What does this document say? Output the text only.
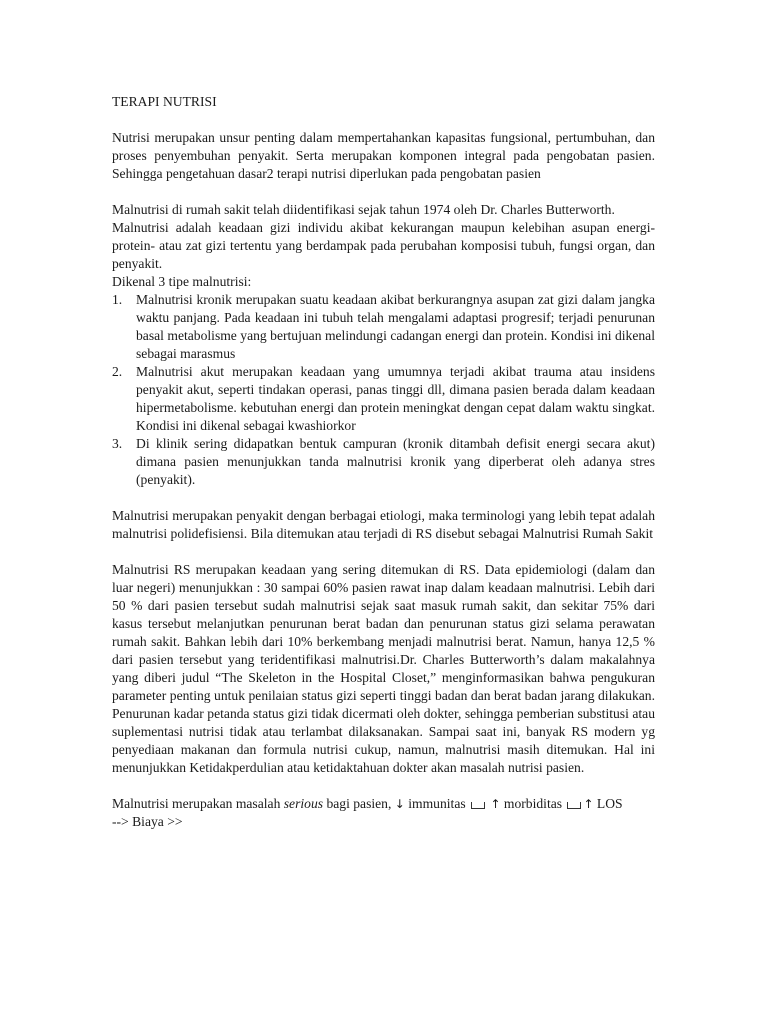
TERAPI NUTRISI

Nutrisi merupakan unsur penting dalam mempertahankan kapasitas fungsional, pertumbuhan, dan proses penyembuhan penyakit. Serta merupakan komponen integral pada pengobatan pasien. Sehingga pengetahuan dasar2 terapi nutrisi diperlukan pada pengobatan pasien

Malnutrisi di rumah sakit telah diidentifikasi sejak tahun 1974 oleh Dr. Charles Butterworth.

Malnutrisi adalah keadaan gizi individu akibat kekurangan maupun kelebihan asupan energi- protein- atau zat gizi tertentu yang berdampak pada perubahan komposisi tubuh, fungsi organ, dan penyakit.

Dikenal 3 tipe malnutrisi:

1. Malnutrisi kronik merupakan suatu keadaan akibat berkurangnya asupan zat gizi dalam jangka waktu panjang. Pada keadaan ini tubuh telah mengalami adaptasi progresif; terjadi penurunan basal metabolisme yang bertujuan melindungi cadangan energi dan protein. Kondisi ini dikenal sebagai marasmus
2. Malnutrisi akut merupakan keadaan yang umumnya terjadi akibat trauma atau insidens penyakit akut, seperti tindakan operasi, panas tinggi dll, dimana pasien berada dalam keadaan hipermetabolisme. kebutuhan energi dan protein meningkat dengan cepat dalam waktu singkat. Kondisi ini dikenal sebagai kwashiorkor
3. Di klinik sering didapatkan bentuk campuran (kronik ditambah defisit energi secara akut) dimana pasien menunjukkan tanda malnutrisi kronik yang diperberat oleh adanya stres (penyakit).

Malnutrisi merupakan penyakit dengan berbagai etiologi, maka terminologi yang lebih tepat adalah malnutrisi polidefisiensi. Bila ditemukan atau terjadi di RS disebut sebagai Malnutrisi Rumah Sakit

Malnutrisi RS merupakan keadaan yang sering ditemukan di RS. Data epidemiologi (dalam dan luar negeri) menunjukkan : 30 sampai 60% pasien rawat inap dalam keadaan malnutrisi. Lebih dari 50 % dari pasien tersebut sudah malnutrisi sejak saat masuk rumah sakit, dan sekitar 75% dari kasus tersebut melanjutkan penurunan berat badan dan penurunan status gizi selama perawatan rumah sakit. Bahkan lebih dari 10% berkembang menjadi malnutrisi berat. Namun, hanya 12,5 % dari pasien tersebut yang teridentifikasi malnutrisi.Dr. Charles Butterworth’s dalam makalahnya yang diberi judul “The Skeleton in the Hospital Closet,” menginformasikan bahwa pengukuran parameter penting untuk penilaian status gizi seperti tinggi badan dan berat badan jarang dilakukan. Penurunan kadar petanda status gizi tidak dicermati oleh dokter, sehingga pemberian substitusi atau suplementasi nutrisi tidak atau terlambat dilaksanakan. Sampai saat ini, banyak RS modern yg penyediaan makanan dan formula nutrisi cukup, namun, malnutrisi masih ditemukan. Hal ini menunjukkan Ketidakperdulian atau ketidaktahuan dokter akan masalah nutrisi pasien.

Malnutrisi merupakan masalah serious bagi pasien, ↓ immunitas  ↑ morbiditas ↑ LOS
--> Biaya >>
